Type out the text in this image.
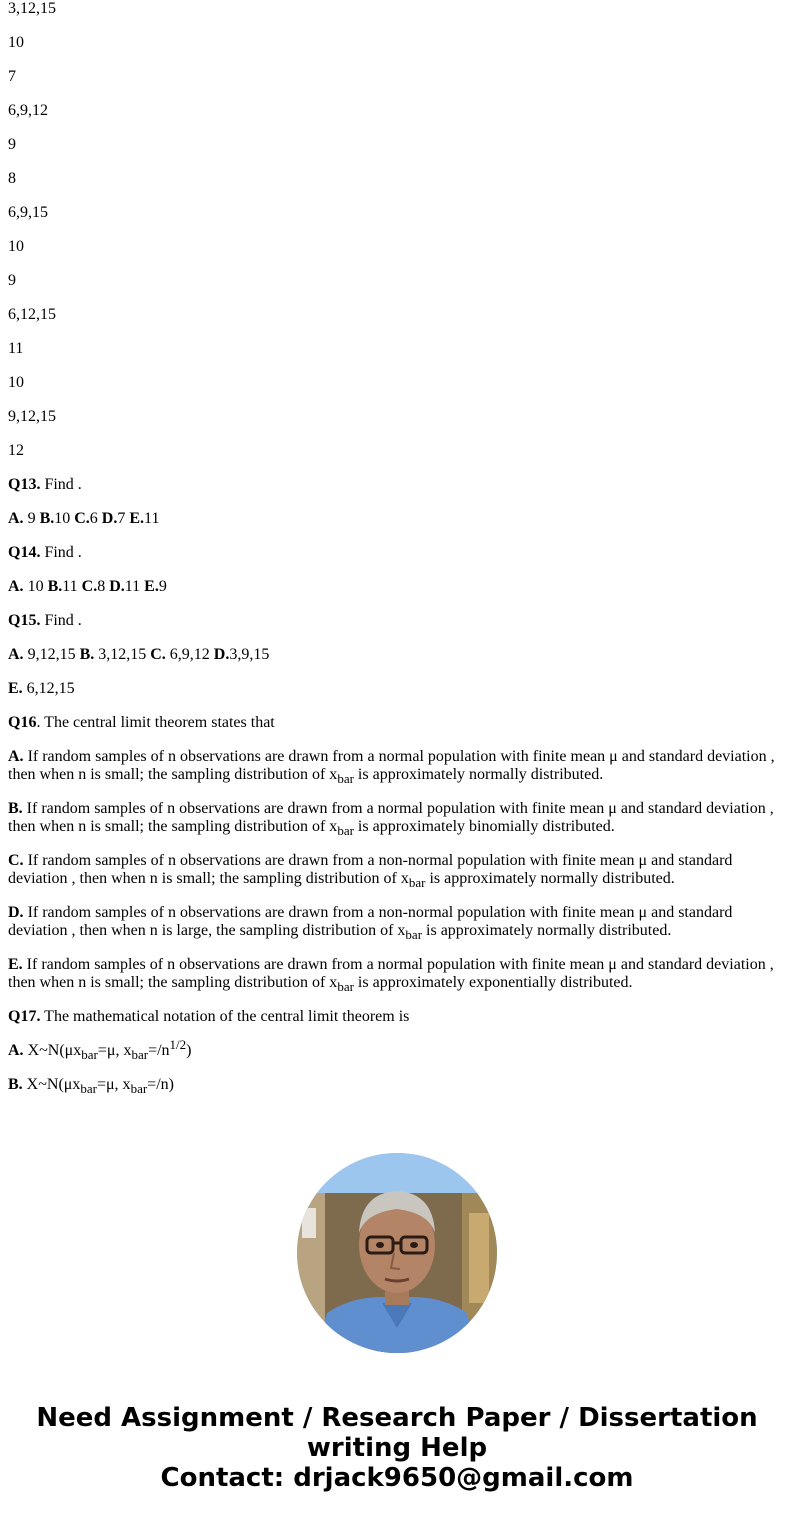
3,12,15

10

7

6,9,12

9

8

6,9,15

10

9

6,12,15

11

10

9,12,15

12

Q13. Find .

A. 9 B.10 C.6 D.7 E.11

Q14. Find .

A. 10 B.11 C.8 D.11 E.9

Q15. Find .

A. 9,12,15 B. 3,12,15 C. 6,9,12 D.3,9,15

E. 6,12,15

Q16. The central limit theorem states that

A. If random samples of n observations are drawn from a normal population with finite mean μ and standard deviation , then when n is small; the sampling distribution of $x_{bar}$ is approximately normally distributed.

B. If random samples of n observations are drawn from a normal population with finite mean μ and standard deviation , then when n is small; the sampling distribution of $x_{bar}$ is approximately binomially distributed.

C. If random samples of n observations are drawn from a non-normal population with finite mean μ and standard deviation , then when n is small; the sampling distribution of $x_{bar}$ is approximately normally distributed.

D. If random samples of n observations are drawn from a non-normal population with finite mean μ and standard deviation , then when n is large, the sampling distribution of $x_{bar}$ is approximately normally distributed.

E. If random samples of n observations are drawn from a normal population with finite mean μ and standard deviation , then when n is small; the sampling distribution of $x_{bar}$ is approximately exponentially distributed.

Q17. The mathematical notation of the central limit theorem is

A. $X\sim N(\mu x_{bar}=\mu$, $x_{bar}=/n^{1/2}$)

B. $X\sim N(\mu x_{bar}=\mu$, $x_{bar}=/n$)

Need Assignment / Research Paper / Dissertation
writing Help
Contact: drjack9650@gmail.com
